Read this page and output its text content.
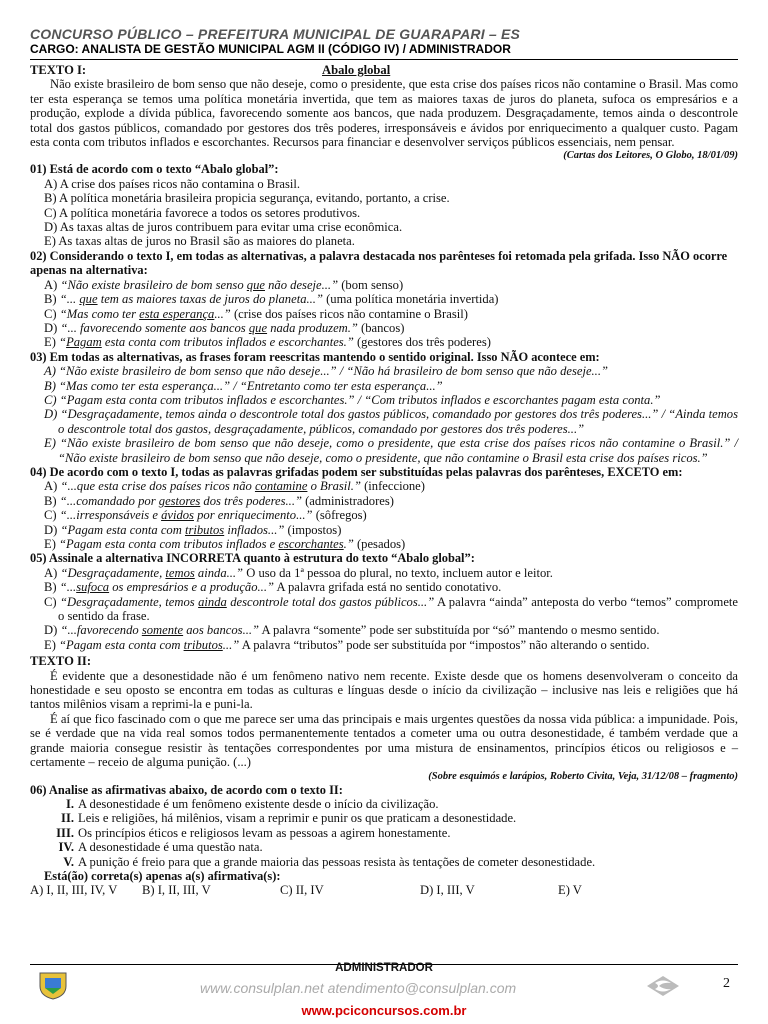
CONCURSO PÚBLICO – PREFEITURA MUNICIPAL DE GUARAPARI – ES
CARGO: ANALISTA DE GESTÃO MUNICIPAL AGM II (CÓDIGO IV) / ADMINISTRADOR
TEXTO I:	Abalo global

Não existe brasileiro de bom senso que não deseje, como o presidente, que esta crise dos países ricos não contamine o Brasil. Mas como ter esta esperança se temos uma política monetária invertida, que tem as maiores taxas de juros do planeta, sufoca os empresários e a produção, explode a dívida pública, favorecendo somente aos bancos, que nada produzem. Desgraçadamente, temos ainda o descontrole total dos gastos públicos, comandado por gestores dos três poderes, irresponsáveis e ávidos por enriquecimento a qualquer custo. Pagam esta conta com tributos inflados e escorchantes. Recursos para financiar e desenvolver serviços públicos essenciais, nem pensar.

(Cartas dos Leitores, O Globo, 18/01/09)
01) Está de acordo com o texto “Abalo global”:
A) A crise dos países ricos não contamina o Brasil.
B) A política monetária brasileira propicia segurança, evitando, portanto, a crise.
C) A política monetária favorece a todos os setores produtivos.
D) As taxas altas de juros contribuem para evitar uma crise econômica.
E) As taxas altas de juros no Brasil são as maiores do planeta.
02) Considerando o texto I, em todas as alternativas, a palavra destacada nos parênteses foi retomada pela grifada. Isso NÃO ocorre apenas na alternativa:
A) “Não existe brasileiro de bom senso que não deseje...” (bom senso)
B) “... que tem as maiores taxas de juros do planeta...” (uma política monetária invertida)
C) “Mas como ter esta esperança...” (crise dos países ricos não contamine o Brasil)
D) “... favorecendo somente aos bancos que nada produzem.” (bancos)
E) “Pagam esta conta com tributos inflados e escorchantes.” (gestores dos três poderes)
03) Em todas as alternativas, as frases foram reescritas mantendo o sentido original. Isso NÃO acontece em:
A) “Não existe brasileiro de bom senso que não deseje...” / “Não há brasileiro de bom senso que não deseje...”
B) “Mas como ter esta esperança...” / “Entretanto como ter esta esperança...”
C) “Pagam esta conta com tributos inflados e escorchantes.” / “Com tributos inflados e escorchantes pagam esta conta.”
D) “Desgraçadamente, temos ainda o descontrole total dos gastos públicos, comandado por gestores dos três poderes...” / “Ainda temos o descontrole total dos gastos, desgraçadamente, públicos, comandado por gestores dos três poderes...”
E) “Não existe brasileiro de bom senso que não deseje, como o presidente, que esta crise dos países ricos não contamine o Brasil.” / “Não existe brasileiro de bom senso que não deseje, como o presidente, que não contamine o Brasil esta crise dos países ricos.”
04) De acordo com o texto I, todas as palavras grifadas podem ser substituídas pelas palavras dos parênteses, EXCETO em:
A) “...que esta crise dos países ricos não contamine o Brasil.” (infeccione)
B) “...comandado por gestores dos três poderes...” (administradores)
C) “...irresponsáveis e ávidos por enriquecimento...” (sôfregos)
D) “Pagam esta conta com tributos inflados...” (impostos)
E) “Pagam esta conta com tributos inflados e escorchantes.” (pesados)
05) Assinale a alternativa INCORRETA quanto à estrutura do texto “Abalo global”:
A) “Desgraçadamente, temos ainda...” O uso da 1ª pessoa do plural, no texto, incluem autor e leitor.
B) “...sufoca os empresários e a produção...” A palavra grifada está no sentido conotativo.
C) “Desgraçadamente, temos ainda descontrole total dos gastos públicos...” A palavra “ainda” anteposta do verbo “temos” compromete o sentido da frase.
D) “...favorecendo somente aos bancos...” A palavra “somente” pode ser substituída por “só” mantendo o mesmo sentido.
E) “Pagam esta conta com tributos...” A palavra “tributos” pode ser substituída por “impostos” não alterando o sentido.
TEXTO II:

É evidente que a desonestidade não é um fenômeno nativo nem recente. Existe desde que os homens desenvolveram o conceito da honestidade e seu oposto se encontra em todas as culturas e línguas desde o início da civilização – inclusive nas leis e religiões que há tantos milênios visam a reprimi-la e puni-la.

É aí que fico fascinado com o que me parece ser uma das principais e mais urgentes questões da nossa vida pública: a impunidade. Pois, se é verdade que na vida real somos todos permanentemente tentados a cometer uma ou outra desonestidade, é também verdade que a grande maioria consegue resistir às tentações correspondentes por uma mistura de ensinamentos, princípios éticos ou religiosos e – certamente – receio de alguma punição. (...)

(Sobre esquimós e larápios, Roberto Civita, Veja, 31/12/08 – fragmento)
06) Analise as afirmativas abaixo, de acordo com o texto II:
I. A desonestidade é um fenômeno existente desde o início da civilização.
II. Leis e religiões, há milênios, visam a reprimir e punir os que praticam a desonestidade.
III. Os princípios éticos e religiosos levam as pessoas a agirem honestamente.
IV. A desonestidade é uma questão nata.
V. A punição é freio para que a grande maioria das pessoas resista às tentações de cometer desonestidade.
Está(ão) correta(s) apenas a(s) afirmativa(s):
A) I, II, III, IV, V	B) I, II, III, V	C) II, IV	D) I, III, V	E) V
ADMINISTRADOR
www.consulplan.net atendimento@consulplan.com	2
www.pciconcursos.com.br
